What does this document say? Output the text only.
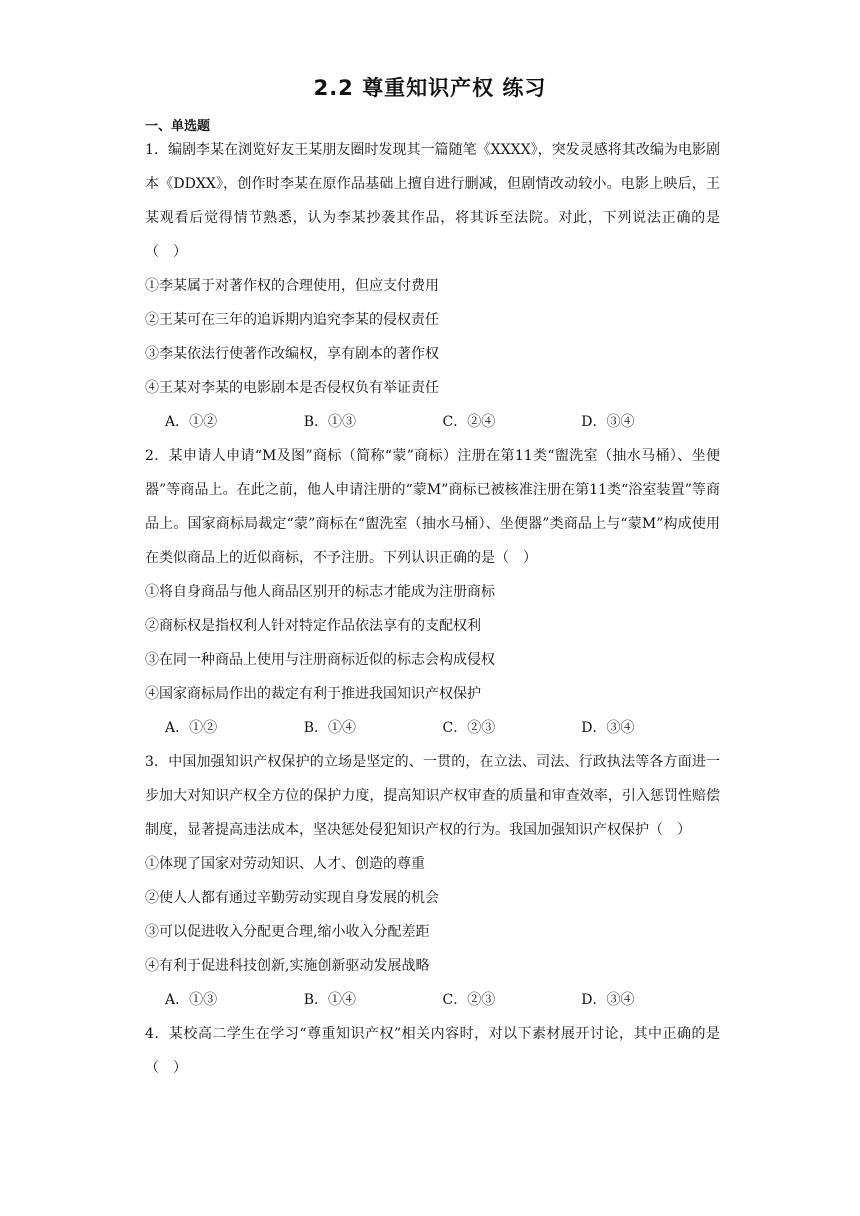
2.2 尊重知识产权 练习
一、单选题

1．编剧李某在浏览好友王某朋友圈时发现其一篇随笔《XXXX》，突发灵感将其改编为电影剧本《DDXX》，创作时李某在原作品基础上擅自进行删减，但剧情改动较小。电影上映后，王某观看后觉得情节熟悉，认为李某抄袭其作品，将其诉至法院。对此，下列说法正确的是（　）

①李某属于对著作权的合理使用，但应支付费用

②王某可在三年的追诉期内追究李某的侵权责任

③李某依法行使著作改编权，享有剧本的著作权

④王某对李某的电影剧本是否侵权负有举证责任

A．①②	B．①③	C．②④	D．③④

2．某申请人申请“M及图”商标（简称“蒙”商标）注册在第11类“盥洗室（抽水马桶）、坐便器”等商品上。在此之前，他人申请注册的“蒙M”商标已被核准注册在第11类“浴室装置”等商品上。国家商标局裁定“蒙”商标在“盥洗室（抽水马桶）、坐便器”类商品上与“蒙M”构成使用在类似商品上的近似商标，不予注册。下列认识正确的是（　）

①将自身商品与他人商品区别开的标志才能成为注册商标

②商标权是指权利人针对特定作品依法享有的支配权利

③在同一种商品上使用与注册商标近似的标志会构成侵权

④国家商标局作出的裁定有利于推进我国知识产权保护

A．①②	B．①④	C．②③	D．③④

3．中国加强知识产权保护的立场是坚定的、一贯的，在立法、司法、行政执法等各方面进一步加大对知识产权全方位的保护力度，提高知识产权审查的质量和审查效率，引入惩罚性赔偿制度，显著提高违法成本，坚决惩处侵犯知识产权的行为。我国加强知识产权保护（　）

①体现了国家对劳动知识、人才、创造的尊重

②使人人都有通过辛勤劳动实现自身发展的机会

③可以促进收入分配更合理,缩小收入分配差距

④有利于促进科技创新,实施创新驱动发展战略

A．①③	B．①④	C．②③	D．③④

4．某校高二学生在学习“尊重知识产权”相关内容时，对以下素材展开讨论，其中正确的是（　）
